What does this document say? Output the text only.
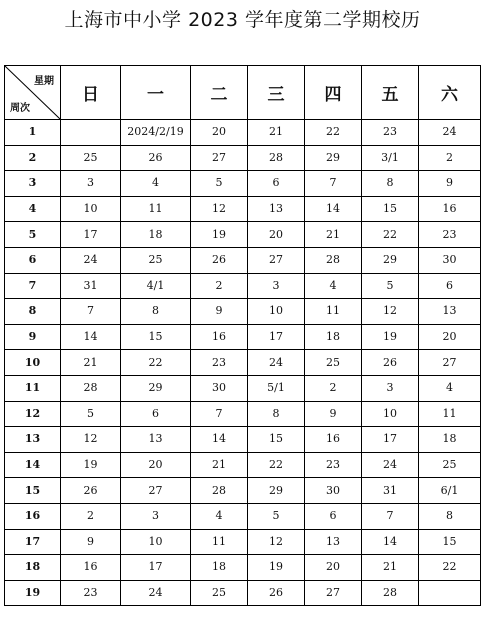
上海市中小学 2023 学年度第二学期校历
星期
周次	日	一	二	三	四	五	六
1		2024/2/19	20	21	22	23	24
2	25	26	27	28	29	3/1	2
3	3	4	5	6	7	8	9
4	10	11	12	13	14	15	16
5	17	18	19	20	21	22	23
6	24	25	26	27	28	29	30
7	31	4/1	2	3	4	5	6
8	7	8	9	10	11	12	13
9	14	15	16	17	18	19	20
10	21	22	23	24	25	26	27
11	28	29	30	5/1	2	3	4
12	5	6	7	8	9	10	11
13	12	13	14	15	16	17	18
14	19	20	21	22	23	24	25
15	26	27	28	29	30	31	6/1
16	2	3	4	5	6	7	8
17	9	10	11	12	13	14	15
18	16	17	18	19	20	21	22
19	23	24	25	26	27	28	
